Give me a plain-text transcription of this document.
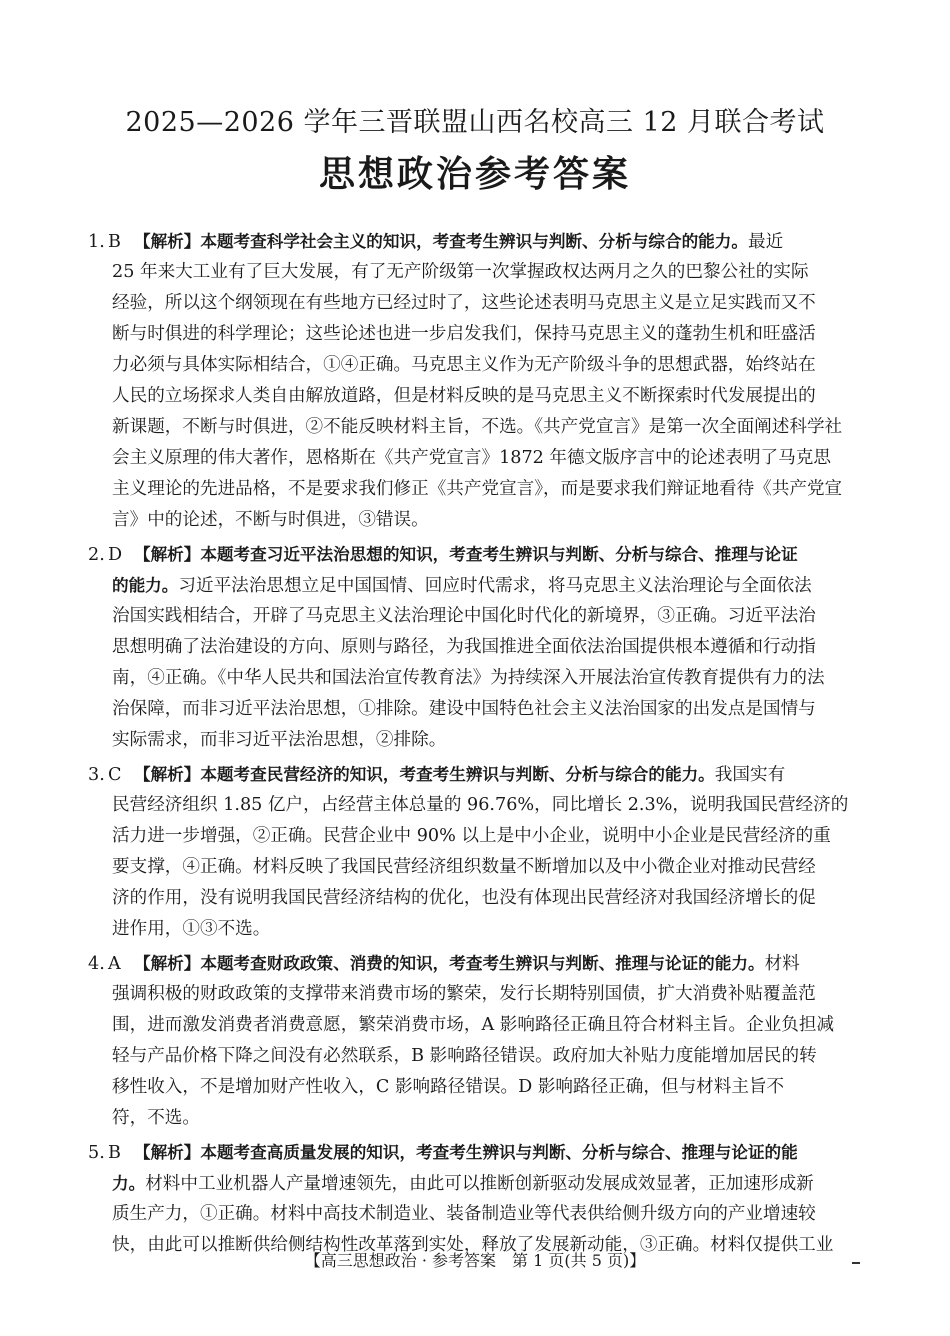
2025—2026 学年三晋联盟山西名校高三 12 月联合考试
思想政治参考答案
1. B 【解析】本题考查科学社会主义的知识，考查考生辨识与判断、分析与综合的能力。最近
25 年来大工业有了巨大发展，有了无产阶级第一次掌握政权达两月之久的巴黎公社的实际
经验，所以这个纲领现在有些地方已经过时了，这些论述表明马克思主义是立足实践而又不
断与时俱进的科学理论；这些论述也进一步启发我们，保持马克思主义的蓬勃生机和旺盛活
力必须与具体实际相结合，①④正确。马克思主义作为无产阶级斗争的思想武器，始终站在
人民的立场探求人类自由解放道路，但是材料反映的是马克思主义不断探索时代发展提出的
新课题，不断与时俱进，②不能反映材料主旨，不选。《共产党宣言》是第一次全面阐述科学社
会主义原理的伟大著作，恩格斯在《共产党宣言》1872 年德文版序言中的论述表明了马克思
主义理论的先进品格，不是要求我们修正《共产党宣言》，而是要求我们辩证地看待《共产党宣
言》中的论述，不断与时俱进，③错误。
2. D 【解析】本题考查习近平法治思想的知识，考查考生辨识与判断、分析与综合、推理与论证
的能力。习近平法治思想立足中国国情、回应时代需求，将马克思主义法治理论与全面依法
治国实践相结合，开辟了马克思主义法治理论中国化时代化的新境界，③正确。习近平法治
思想明确了法治建设的方向、原则与路径，为我国推进全面依法治国提供根本遵循和行动指
南，④正确。《中华人民共和国法治宣传教育法》为持续深入开展法治宣传教育提供有力的法
治保障，而非习近平法治思想，①排除。建设中国特色社会主义法治国家的出发点是国情与
实际需求，而非习近平法治思想，②排除。
3. C 【解析】本题考查民营经济的知识，考查考生辨识与判断、分析与综合的能力。我国实有
民营经济组织 1.85 亿户，占经营主体总量的 96.76%，同比增长 2.3%，说明我国民营经济的
活力进一步增强，②正确。民营企业中 90% 以上是中小企业，说明中小企业是民营经济的重
要支撑，④正确。材料反映了我国民营经济组织数量不断增加以及中小微企业对推动民营经
济的作用，没有说明我国民营经济结构的优化，也没有体现出民营经济对我国经济增长的促
进作用，①③不选。
4. A 【解析】本题考查财政政策、消费的知识，考查考生辨识与判断、推理与论证的能力。材料
强调积极的财政政策的支撑带来消费市场的繁荣，发行长期特别国债，扩大消费补贴覆盖范
围，进而激发消费者消费意愿，繁荣消费市场，A 影响路径正确且符合材料主旨。企业负担减
轻与产品价格下降之间没有必然联系，B 影响路径错误。政府加大补贴力度能增加居民的转
移性收入，不是增加财产性收入，C 影响路径错误。D 影响路径正确，但与材料主旨不
符，不选。
5. B 【解析】本题考查高质量发展的知识，考查考生辨识与判断、分析与综合、推理与论证的能
力。材料中工业机器人产量增速领先，由此可以推断创新驱动发展成效显著，正加速形成新
质生产力，①正确。材料中高技术制造业、装备制造业等代表供给侧升级方向的产业增速较
快，由此可以推断供给侧结构性改革落到实处，释放了发展新动能，③正确。材料仅提供工业
【高三思想政治 · 参考答案　第 1 页(共 5 页)】
